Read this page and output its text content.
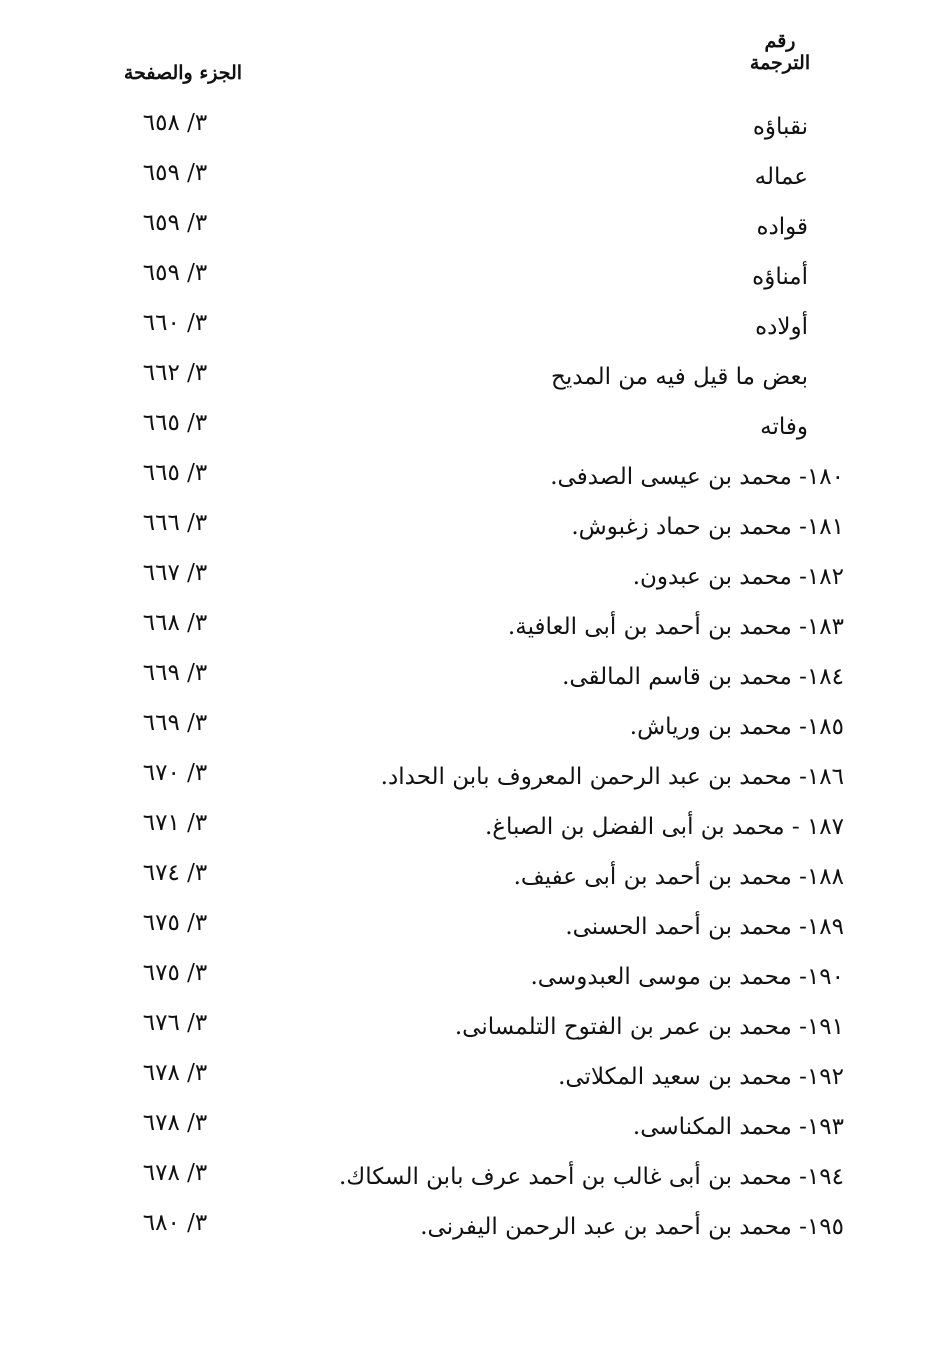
رقم
الترجمة
الجزء والصفحة
نقباؤه
٣/ ٦٥٨
عماله
٣/ ٦٥٩
قواده
٣/ ٦٥٩
أمناؤه
٣/ ٦٥٩
أولاده
٣/ ٦٦٠
بعض ما قيل فيه من المديح
٣/ ٦٦٢
وفاته
٣/ ٦٦٥
١٨٠- محمد بن عيسى الصدفى.
٣/ ٦٦٥
١٨١- محمد بن حماد زغبوش.
٣/ ٦٦٦
١٨٢- محمد بن عبدون.
٣/ ٦٦٧
١٨٣- محمد بن أحمد بن أبى العافية.
٣/ ٦٦٨
١٨٤- محمد بن قاسم المالقى.
٣/ ٦٦٩
١٨٥- محمد بن ورياش.
٣/ ٦٦٩
١٨٦- محمد بن عبد الرحمن المعروف بابن الحداد.
٣/ ٦٧٠
١٨٧ - محمد بن أبى الفضل بن الصباغ.
٣/ ٦٧١
١٨٨- محمد بن أحمد بن أبى عفيف.
٣/ ٦٧٤
١٨٩- محمد بن أحمد الحسنى.
٣/ ٦٧٥
١٩٠- محمد بن موسى العبدوسى.
٣/ ٦٧٥
١٩١- محمد بن عمر بن الفتوح التلمسانى.
٣/ ٦٧٦
١٩٢- محمد بن سعيد المكلاتى.
٣/ ٦٧٨
١٩٣- محمد المكناسى.
٣/ ٦٧٨
١٩٤- محمد بن أبى غالب بن أحمد عرف بابن السكاك.
٣/ ٦٧٨
١٩٥- محمد بن أحمد بن عبد الرحمن اليفرنى.
٣/ ٦٨٠
